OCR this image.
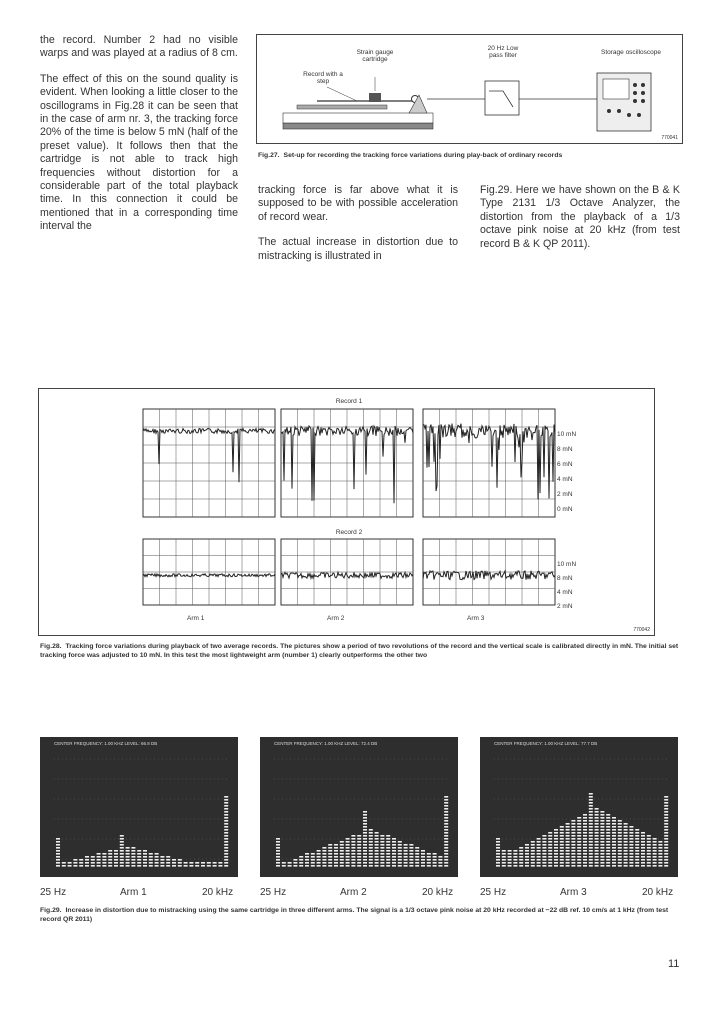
the record. Number 2 had no visible warps and was played at a radius of 8 cm.

The effect of this on the sound quality is evident. When looking a little closer to the oscillograms in Fig.28 it can be seen that in the case of arm nr. 3, the tracking force 20% of the time is below 5 mN (half of the preset value). It follows then that the cartridge is not able to track high frequencies without distortion for a considerable part of the total playback time. In this connection it could be mentioned that in a corresponding time interval the

tracking force is far above what it is supposed to be with possible acceleration of record wear.

The actual increase in distortion due to mistracking is illustrated in

Fig.29. Here we have shown on the B & K Type 2131 1/3 Octave Analyzer, the distortion from the playback of a 1/3 octave pink noise at 20 kHz (from test record B & K QP 2011).

Strain gauge cartridge
Record with a step
20 Hz Low pass filter	Storage oscilloscope
770041
Fig.27. Set-up for recording the tracking force variations during play-back of ordinary records
Record 1
Record 2
10 mN
8 mN
6 mN
4 mN
2 mN
0 mN
10 mN
8 mN
4 mN
2 mN
Arm 1	Arm 2	Arm 3
770042
Fig.28. Tracking force variations during playback of two average records. The pictures show a period of two revolutions of the record and the vertical scale is calibrated directly in mN. The initial set tracking force was adjusted to 10 mN. In this test the most lightweight arm (number 1) clearly outperforms the other two
CENTER FREQUENCY: 1.00 KHZ LEVEL: 66.8 DB
25 Hz	Arm 1	20 kHz
CENTER FREQUENCY: 1.00 KHZ LEVEL: 72.4 DB
25 Hz	Arm 2	20 kHz
CENTER FREQUENCY: 1.00 KHZ LEVEL: 77.7 DB
25 Hz	Arm 3	20 kHz
Fig.29. Increase in distortion due to mistracking using the same cartridge in three different arms. The signal is a 1/3 octave pink noise at 20 kHz recorded at −22 dB ref. 10 cm/s at 1 kHz (from test record QR 2011)
11
